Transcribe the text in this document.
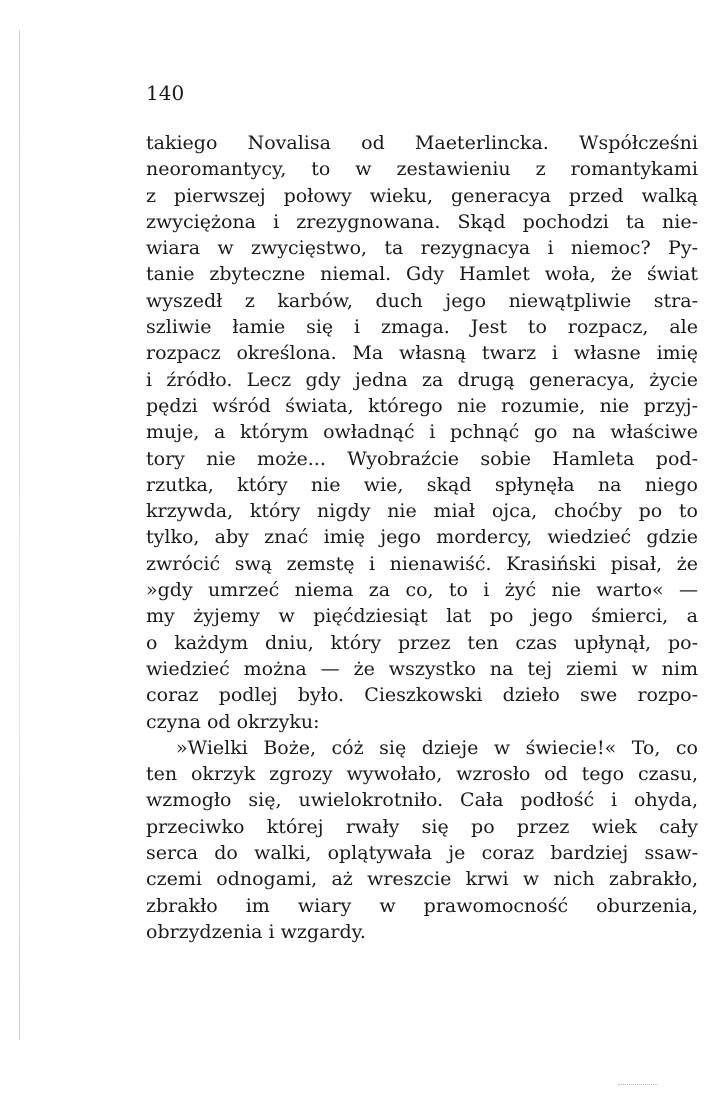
140
takiego Novalisa od Maeterlincka. Współcześni
neoromantycy, to w zestawieniu z romantykami
z pierwszej połowy wieku, generacya przed walką
zwyciężona i zrezygnowana. Skąd pochodzi ta nie-
wiara w zwycięstwo, ta rezygnacya i niemoc? Py-
tanie zbyteczne niemal. Gdy Hamlet woła, że świat
wyszedł z karbów, duch jego niewątpliwie stra-
szliwie łamie się i zmaga. Jest to rozpacz, ale
rozpacz określona. Ma własną twarz i własne imię
i źródło. Lecz gdy jedna za drugą generacya, życie
pędzi wśród świata, którego nie rozumie, nie przyj-
muje, a którym owładnąć i pchnąć go na właściwe
tory nie może... Wyobraźcie sobie Hamleta pod-
rzutka, który nie wie, skąd spłynęła na niego
krzywda, który nigdy nie miał ojca, choćby po to
tylko, aby znać imię jego mordercy, wiedzieć gdzie
zwrócić swą zemstę i nienawiść. Krasiński pisał, że
»gdy umrzeć niema za co, to i żyć nie warto« —
my żyjemy w pięćdziesiąt lat po jego śmierci, a
o każdym dniu, który przez ten czas upłynął, po-
wiedzieć można — że wszystko na tej ziemi w nim
coraz podlej było. Cieszkowski dzieło swe rozpo-
czyna od okrzyku:
»Wielki Boże, cóż się dzieje w świecie!« To, co
ten okrzyk zgrozy wywołało, wzrosło od tego czasu,
wzmogło się, uwielokrotniło. Cała podłość i ohyda,
przeciwko której rwały się po przez wiek cały
serca do walki, oplątywała je coraz bardziej ssaw-
czemi odnogami, aż wreszcie krwi w nich zabrakło,
zbrakło im wiary w prawomocność oburzenia,
obrzydzenia i wzgardy.
